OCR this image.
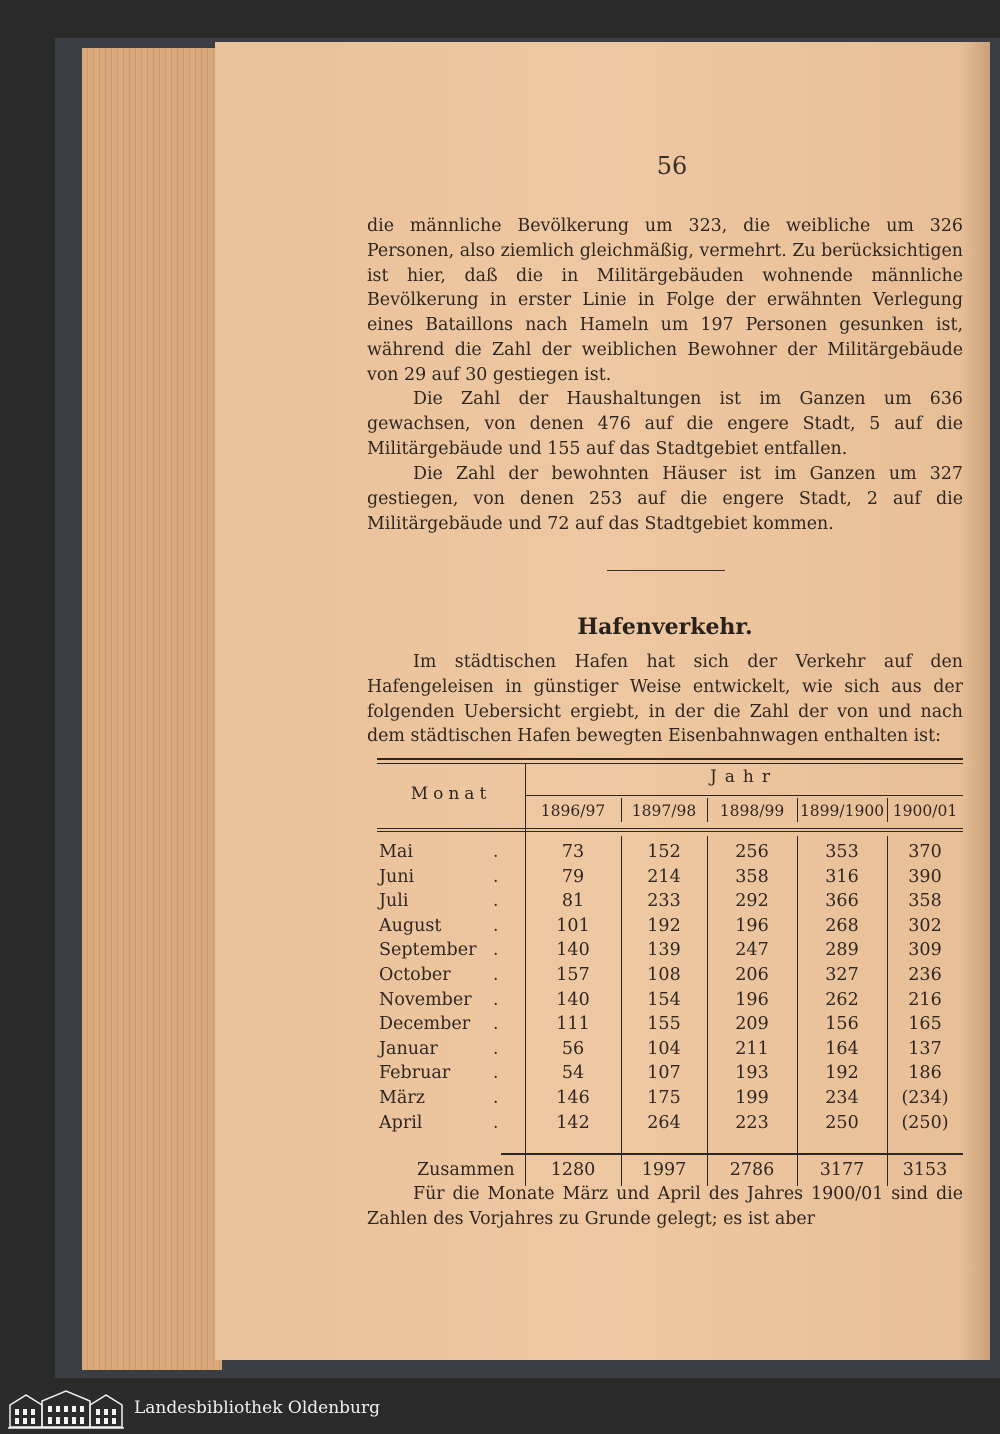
56

die männliche Bevölkerung um 323, die weibliche um 326 Personen, also ziemlich gleichmäßig, vermehrt. Zu berücksichtigen ist hier, daß die in Militärgebäuden wohnende männliche Bevölkerung in erster Linie in Folge der erwähnten Verlegung eines Bataillons nach Hameln um 197 Personen gesunken ist, während die Zahl der weiblichen Bewohner der Militärgebäude von 29 auf 30 gestiegen ist.

Die Zahl der Haushaltungen ist im Ganzen um 636 gewachsen, von denen 476 auf die engere Stadt, 5 auf die Militärgebäude und 155 auf das Stadtgebiet entfallen.

Die Zahl der bewohnten Häuser ist im Ganzen um 327 gestiegen, von denen 253 auf die engere Stadt, 2 auf die Militärgebäude und 72 auf das Stadtgebiet kommen.

Hafenverkehr.

Im städtischen Hafen hat sich der Verkehr auf den Hafengeleisen in günstiger Weise entwickelt, wie sich aus der folgenden Uebersicht ergiebt, in der die Zahl der von und nach dem städtischen Hafen bewegten Eisenbahnwagen enthalten ist:

Monat
Jahr
1896/97	1897/98	1898/99	1899/1900 1900/01
Mai	.	73	152	256	353	370
Juni	.	79	214	358	316	390
Juli	.	81	233	292	366	358
August	.	101	192	196	268	302
September .	140	139	247	289	309
October .	157	108	206	327	236
November .	140	154	196	262	216
December .	111	155	209	156	165
Januar	.	56	104	211	164	137
Februar	.	54	107	193	192	186
März	.	146	175	199	234	(234)
April	.	142	264	223	250	(250)
Zusammen	1280	1997	2786	3177	3153

Für die Monate März und April des Jahres 1900/01 sind die Zahlen des Vorjahres zu Grunde gelegt; es ist aber

Landesbibliothek Oldenburg
